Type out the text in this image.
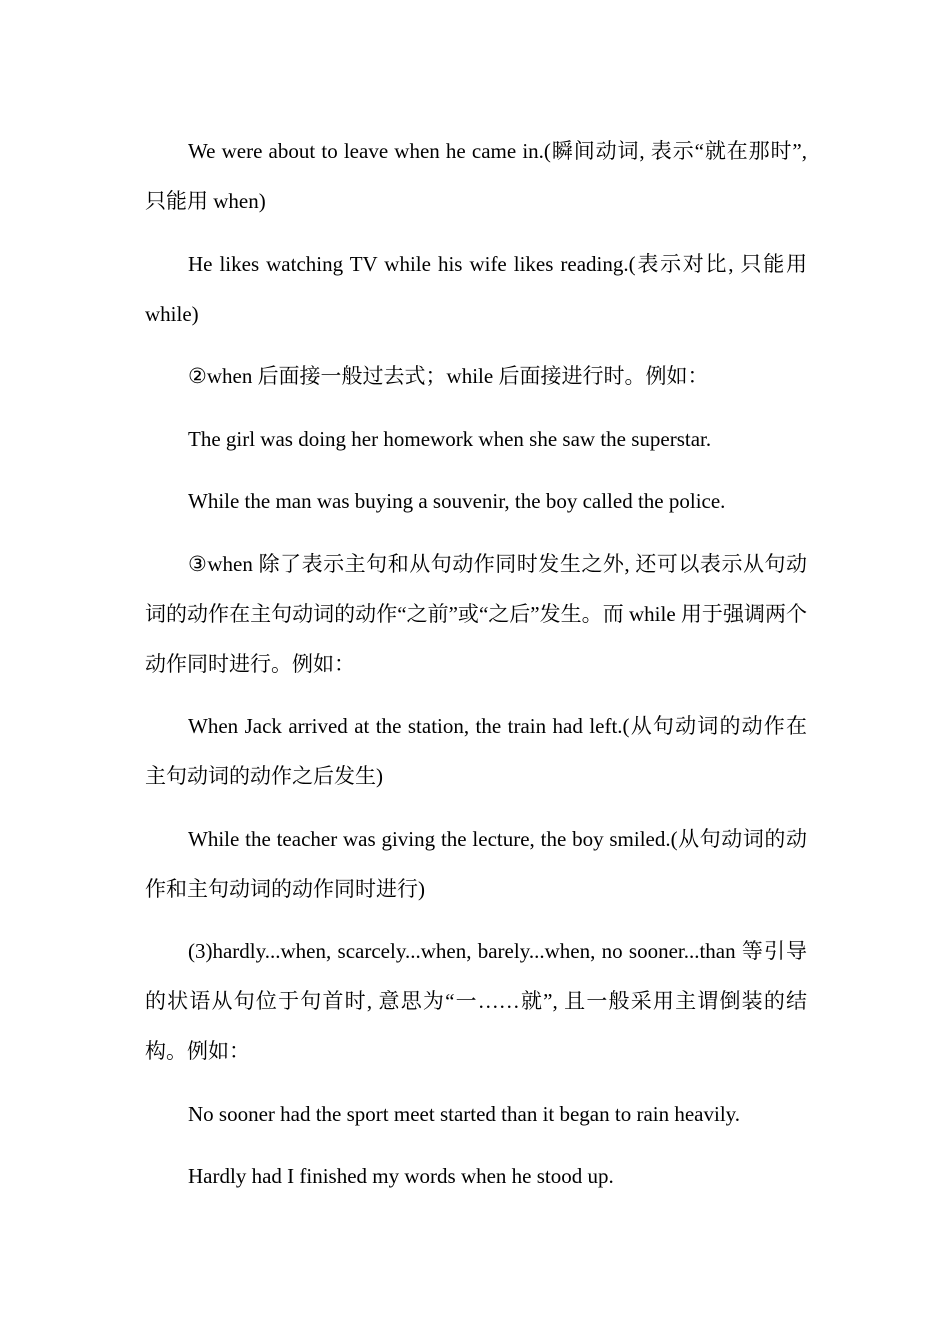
We were about to leave when he came in.(瞬间动词, 表示“就在那时”, 只能用 when)

He likes watching TV while his wife likes reading.(表示对比, 只能用 while)

②when 后面接一般过去式；while 后面接进行时。例如：

The girl was doing her homework when she saw the superstar.

While the man was buying a souvenir, the boy called the police.

③when 除了表示主句和从句动作同时发生之外, 还可以表示从句动词的动作在主句动词的动作“之前”或“之后”发生。而 while 用于强调两个动作同时进行。例如：

When Jack arrived at the station, the train had left.(从句动词的动作在主句动词的动作之后发生)

While the teacher was giving the lecture, the boy smiled.(从句动词的动作和主句动词的动作同时进行)

(3)hardly...when, scarcely...when, barely...when, no sooner...than 等引导的状语从句位于句首时, 意思为“一……就”, 且一般采用主谓倒装的结构。例如：

No sooner had the sport meet started than it began to rain heavily.

Hardly had I finished my words when he stood up.
